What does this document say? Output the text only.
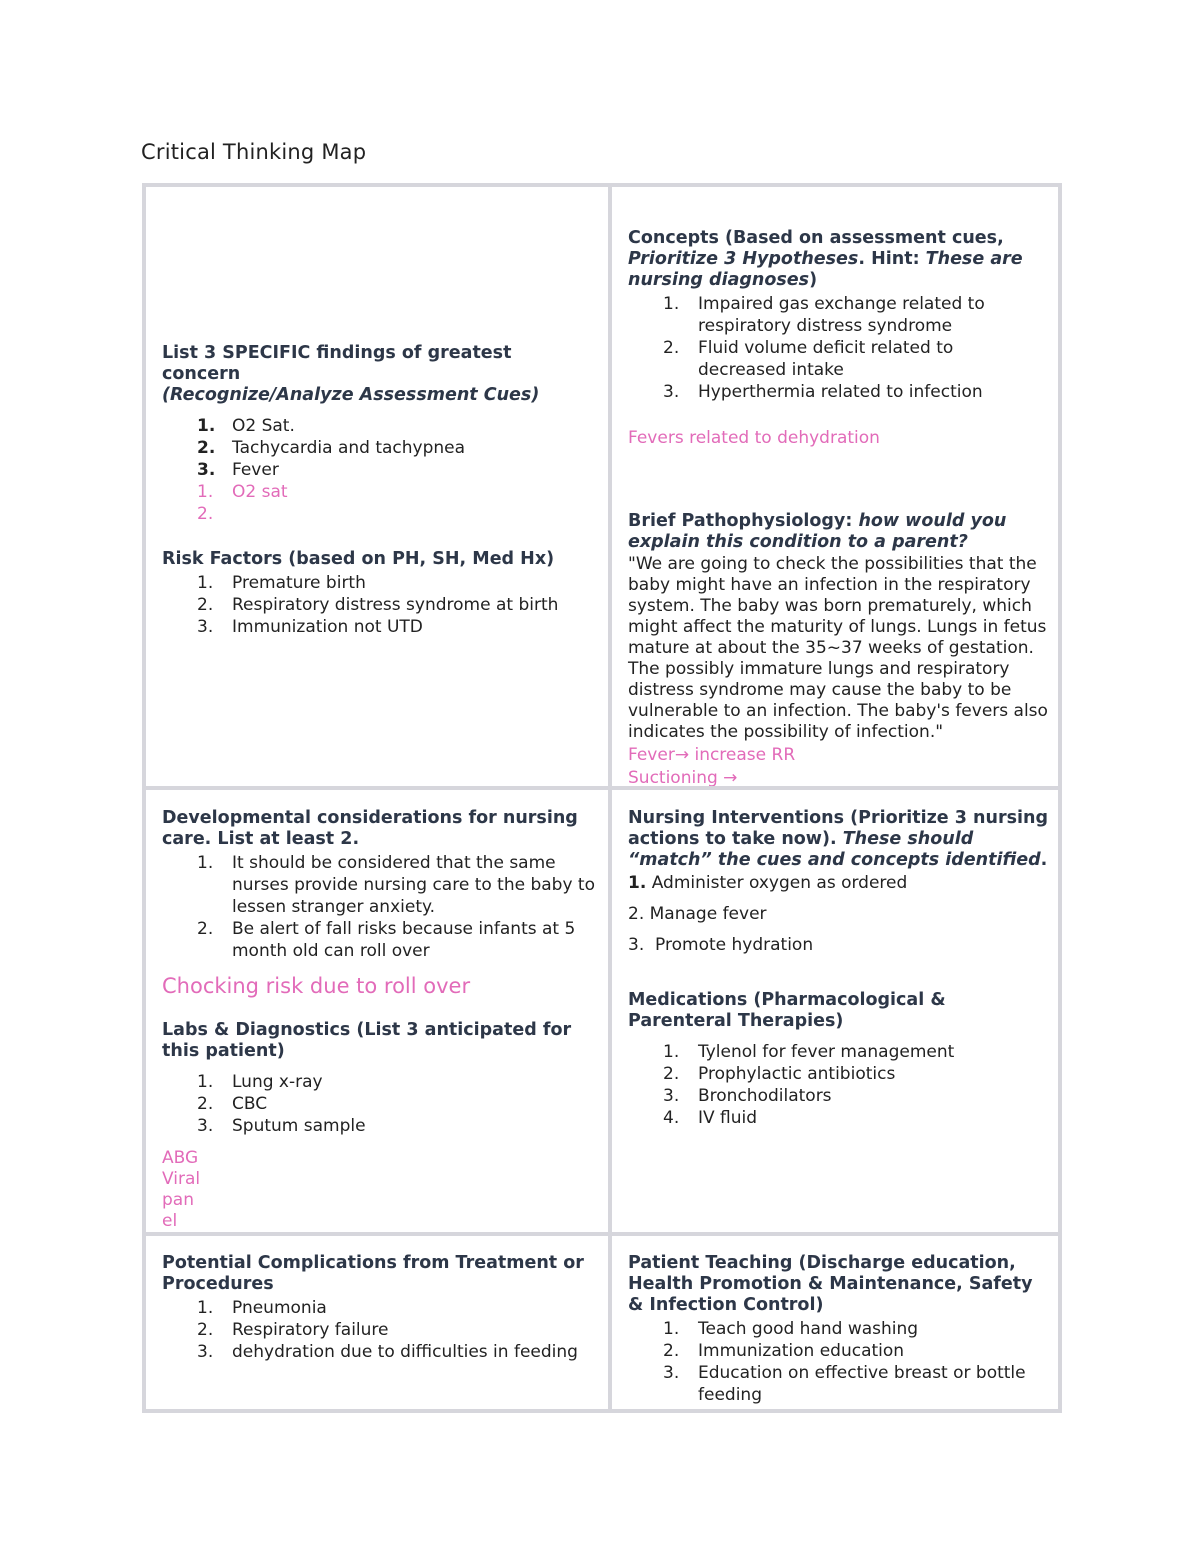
Critical Thinking Map
List 3 SPECIFIC findings of greatest concern
(Recognize/Analyze Assessment Cues)
1. O2 Sat.
2. Tachycardia and tachypnea
3. Fever
1. O2 sat
2.
Risk Factors (based on PH, SH, Med Hx)
1. Premature birth
2. Respiratory distress syndrome at birth
3. Immunization not UTD
Concepts (Based on assessment cues, Prioritize 3 Hypotheses. Hint: These are nursing diagnoses)
1. Impaired gas exchange related to respiratory distress syndrome
2. Fluid volume deficit related to decreased intake
3. Hyperthermia related to infection
Fevers related to dehydration
Brief Pathophysiology: how would you explain this condition to a parent?
"We are going to check the possibilities that the baby might have an infection in the respiratory system. The baby was born prematurely, which might affect the maturity of lungs. Lungs in fetus mature at about the 35~37 weeks of gestation. The possibly immature lungs and respiratory distress syndrome may cause the baby to be vulnerable to an infection. The baby's fevers also indicates the possibility of infection."
Fever→ increase RR
Suctioning →
Developmental considerations for nursing care. List at least 2.
1. It should be considered that the same nurses provide nursing care to the baby to lessen stranger anxiety.
2. Be alert of fall risks because infants at 5 month old can roll over
Chocking risk due to roll over
Labs & Diagnostics (List 3 anticipated for this patient)
1. Lung x-ray
2. CBC
3. Sputum sample
ABG
Viral
pan
el
Nursing Interventions (Prioritize 3 nursing actions to take now). These should “match” the cues and concepts identified.
1. Administer oxygen as ordered
2. Manage fever
3. Promote hydration
Medications (Pharmacological & Parenteral Therapies)
1. Tylenol for fever management
2. Prophylactic antibiotics
3. Bronchodilators
4. IV fluid
Potential Complications from Treatment or Procedures
1. Pneumonia
2. Respiratory failure
3. dehydration due to difficulties in feeding
Patient Teaching (Discharge education, Health Promotion & Maintenance, Safety & Infection Control)
1. Teach good hand washing
2. Immunization education
3. Education on effective breast or bottle feeding
